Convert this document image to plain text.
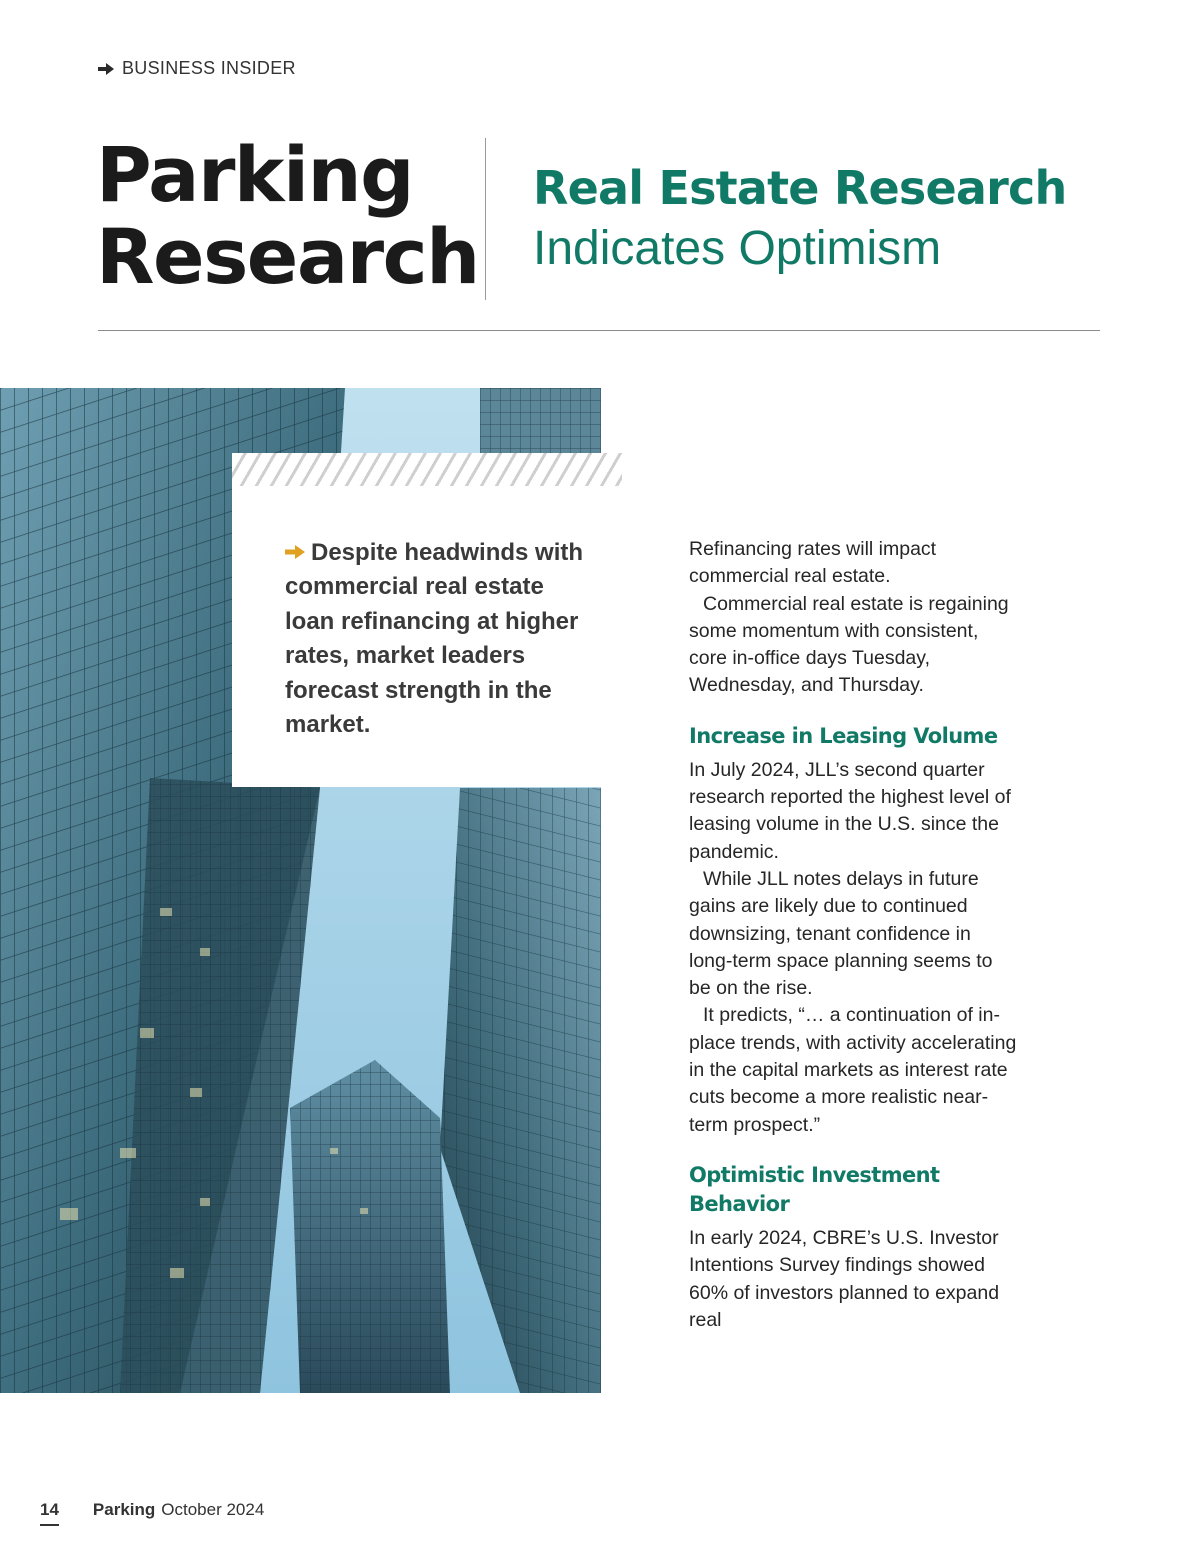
BUSINESS INSIDER
Parking
Research
Real Estate Research
Indicates Optimism
Despite headwinds with commercial real estate loan refinancing at higher rates, market leaders forecast strength in the market.

Refinancing rates will impact commercial real estate.

Commercial real estate is regaining some momentum with consistent, core in-office days Tuesday, Wednesday, and Thursday.

Increase in Leasing Volume

In July 2024, JLL’s second quarter research reported the highest level of leasing volume in the U.S. since the pandemic.

While JLL notes delays in future gains are likely due to continued downsizing, tenant confidence in long-term space planning seems to be on the rise.

It predicts, “… a continuation of in-place trends, with activity accelerating in the capital markets as interest rate cuts become a more realistic near-term prospect.”

Optimistic Investment Behavior

In early 2024, CBRE’s U.S. Investor Intentions Survey findings showed 60% of investors planned to expand real

14 Parking October 2024
